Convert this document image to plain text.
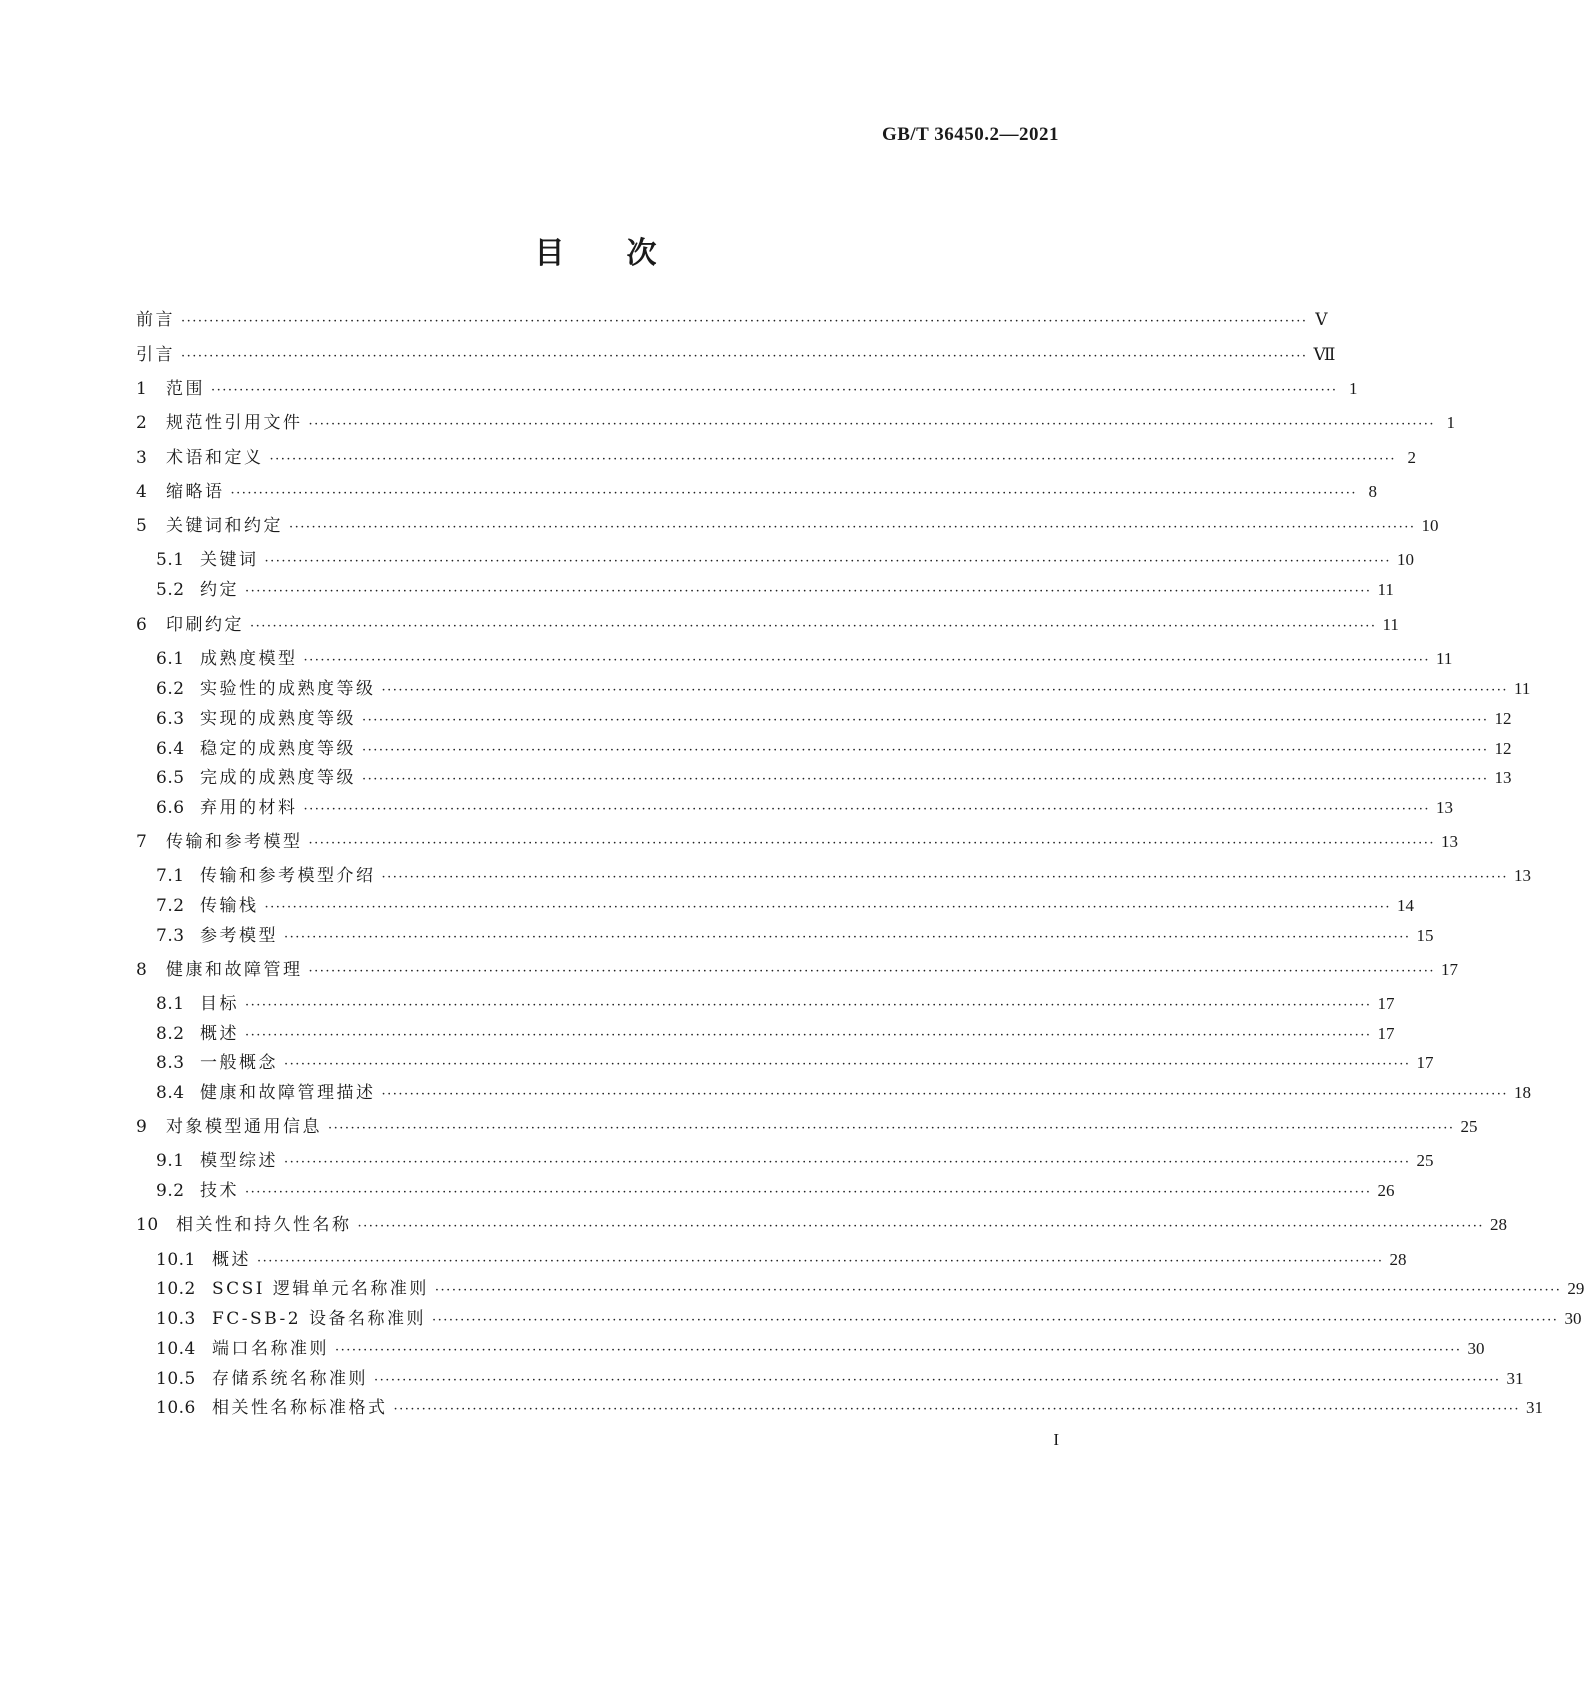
GB/T 36450.2—2021
目 次
前言 ········································································································································································································ Ⅴ
引言 ········································································································································································································ Ⅶ
1	范围 ········································································································································································································ 1
2	规范性引用文件 ········································································································································································································ 1
3	术语和定义 ········································································································································································································ 2
4	缩略语 ········································································································································································································ 8
5	关键词和约定 ········································································································································································································ 10
5.1 关键词 ········································································································································································································ 10
5.2 约定 ········································································································································································································ 11
6	印刷约定 ········································································································································································································ 11
6.1 成熟度模型 ········································································································································································································ 11
6.2 实验性的成熟度等级 ········································································································································································································ 11
6.3 实现的成熟度等级 ········································································································································································································ 12
6.4 稳定的成熟度等级 ········································································································································································································ 12
6.5 完成的成熟度等级 ········································································································································································································ 13
6.6 弃用的材料 ········································································································································································································ 13
7	传输和参考模型 ········································································································································································································ 13
7.1 传输和参考模型介绍 ········································································································································································································ 13
7.2 传输栈 ········································································································································································································ 14
7.3 参考模型 ········································································································································································································ 15
8	健康和故障管理 ········································································································································································································ 17
8.1 目标 ········································································································································································································ 17
8.2 概述 ········································································································································································································ 17
8.3 一般概念 ········································································································································································································ 17
8.4 健康和故障管理描述 ········································································································································································································ 18
9	对象模型通用信息 ········································································································································································································ 25
9.1 模型综述 ········································································································································································································ 25
9.2 技术 ········································································································································································································ 26
10	相关性和持久性名称 ········································································································································································································ 28
10.1 概述 ········································································································································································································ 28
10.2 SCSI 逻辑单元名称准则 ········································································································································································································ 29
10.3 FC-SB-2 设备名称准则 ········································································································································································································ 30
10.4 端口名称准则 ········································································································································································································ 30
10.5 存储系统名称准则 ········································································································································································································ 31
10.6 相关性名称标准格式 ········································································································································································································ 31
I
